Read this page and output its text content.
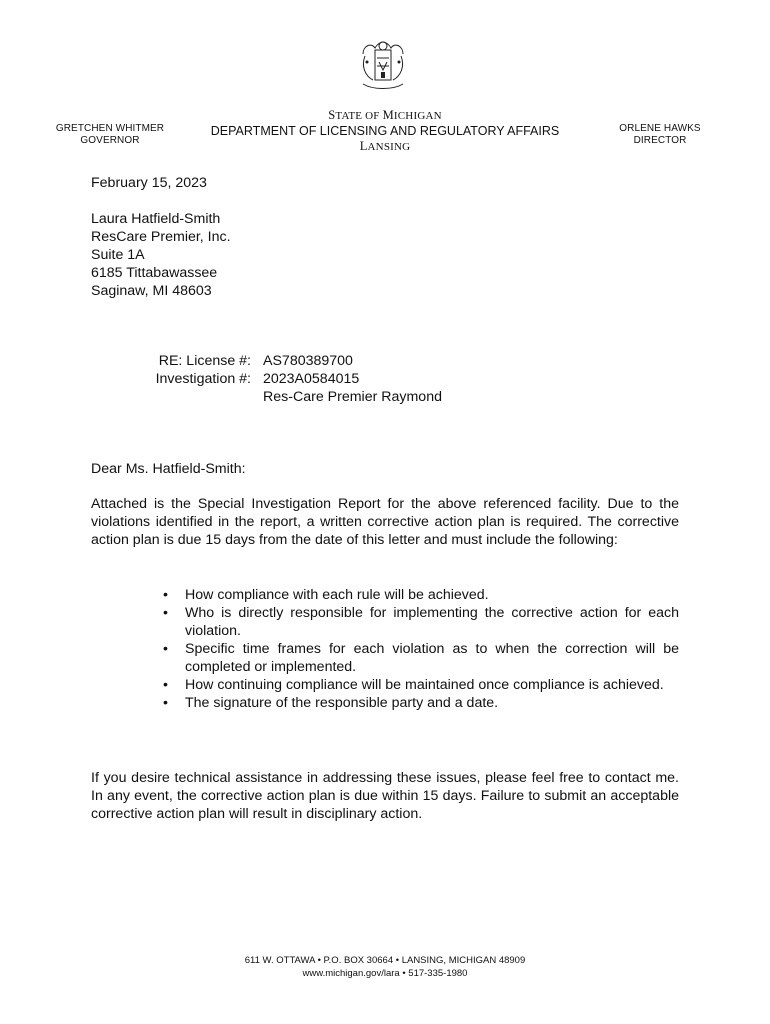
GRETCHEN WHITMER
GOVERNOR
STATE OF MICHIGAN

DEPARTMENT OF LICENSING AND REGULATORY AFFAIRS

LANSING
ORLENE HAWKS
DIRECTOR
February 15, 2023
Laura Hatfield-Smith
ResCare Premier, Inc.
Suite 1A
6185 Tittabawassee
Saginaw, MI 48603
RE: License #:
Investigation #:
AS780389700
2023A0584015
Res-Care Premier Raymond
Dear Ms. Hatfield-Smith:
Attached is the Special Investigation Report for the above referenced facility. Due to the violations identified in the report, a written corrective action plan is required. The corrective action plan is due 15 days from the date of this letter and must include the following:
• How compliance with each rule will be achieved.
• Who is directly responsible for implementing the corrective action for each violation.
• Specific time frames for each violation as to when the correction will be completed or implemented.
• How continuing compliance will be maintained once compliance is achieved.
• The signature of the responsible party and a date.
If you desire technical assistance in addressing these issues, please feel free to contact me. In any event, the corrective action plan is due within 15 days. Failure to submit an acceptable corrective action plan will result in disciplinary action.
611 W. OTTAWA • P.O. BOX 30664 • LANSING, MICHIGAN 48909
www.michigan.gov/lara • 517-335-1980
